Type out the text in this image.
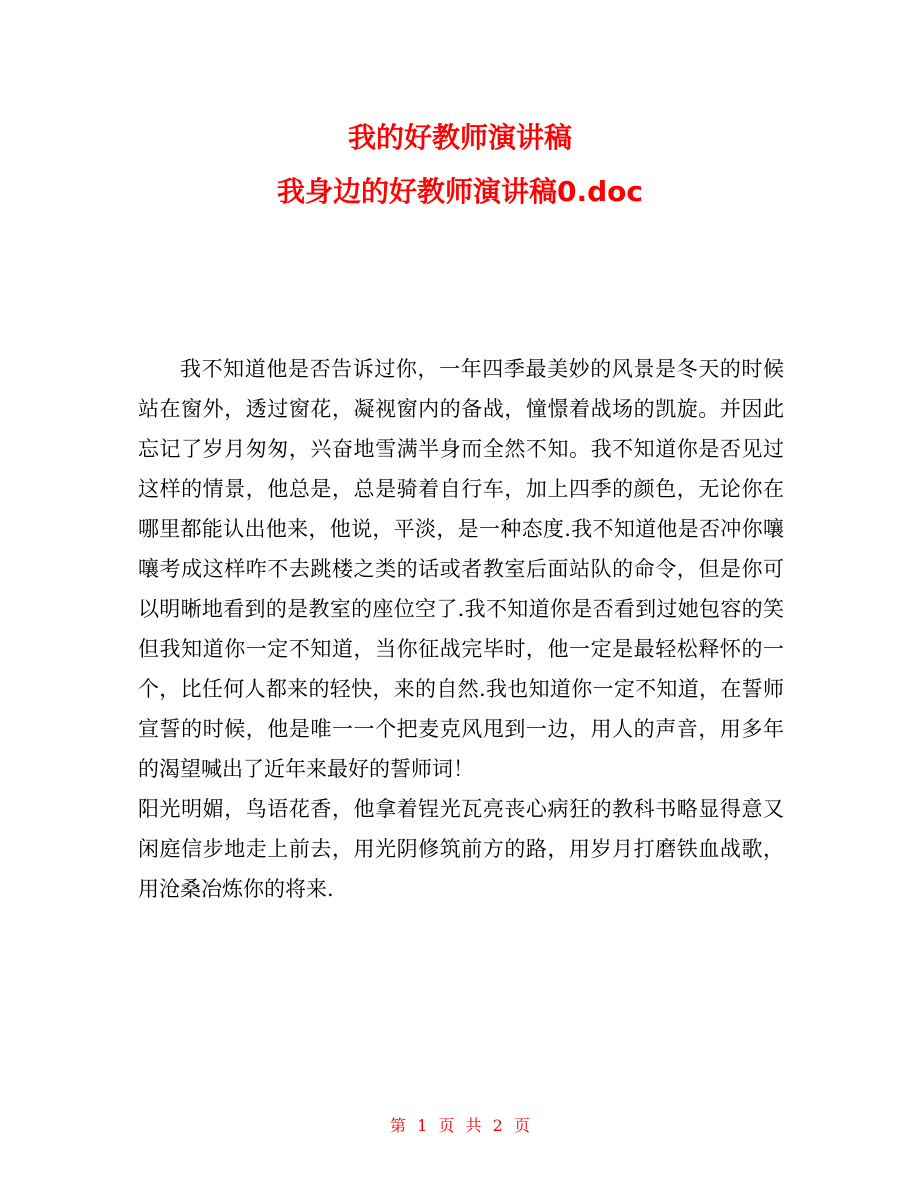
我的好教师演讲稿
我身边的好教师演讲稿0.doc

我不知道他是否告诉过你，一年四季最美妙的风景是冬天的时候站在窗外，透过窗花，凝视窗内的备战，憧憬着战场的凯旋。并因此忘记了岁月匆匆，兴奋地雪满半身而全然不知。我不知道你是否见过这样的情景，他总是，总是骑着自行车，加上四季的颜色，无论你在哪里都能认出他来，他说，平淡，是一种态度.我不知道他是否冲你嚷嚷考成这样咋不去跳楼之类的话或者教室后面站队的命令，但是你可以明晰地看到的是教室的座位空了.我不知道你是否看到过她包容的笑但我知道你一定不知道，当你征战完毕时，他一定是最轻松释怀的一个，比任何人都来的轻快，来的自然.我也知道你一定不知道，在誓师宣誓的时候，他是唯一一个把麦克风甩到一边，用人的声音，用多年的渴望喊出了近年来最好的誓师词！

阳光明媚，鸟语花香，他拿着锃光瓦亮丧心病狂的教科书略显得意又闲庭信步地走上前去，用光阴修筑前方的路，用岁月打磨铁血战歌，用沧桑冶炼你的将来.

第 1 页 共 2 页
